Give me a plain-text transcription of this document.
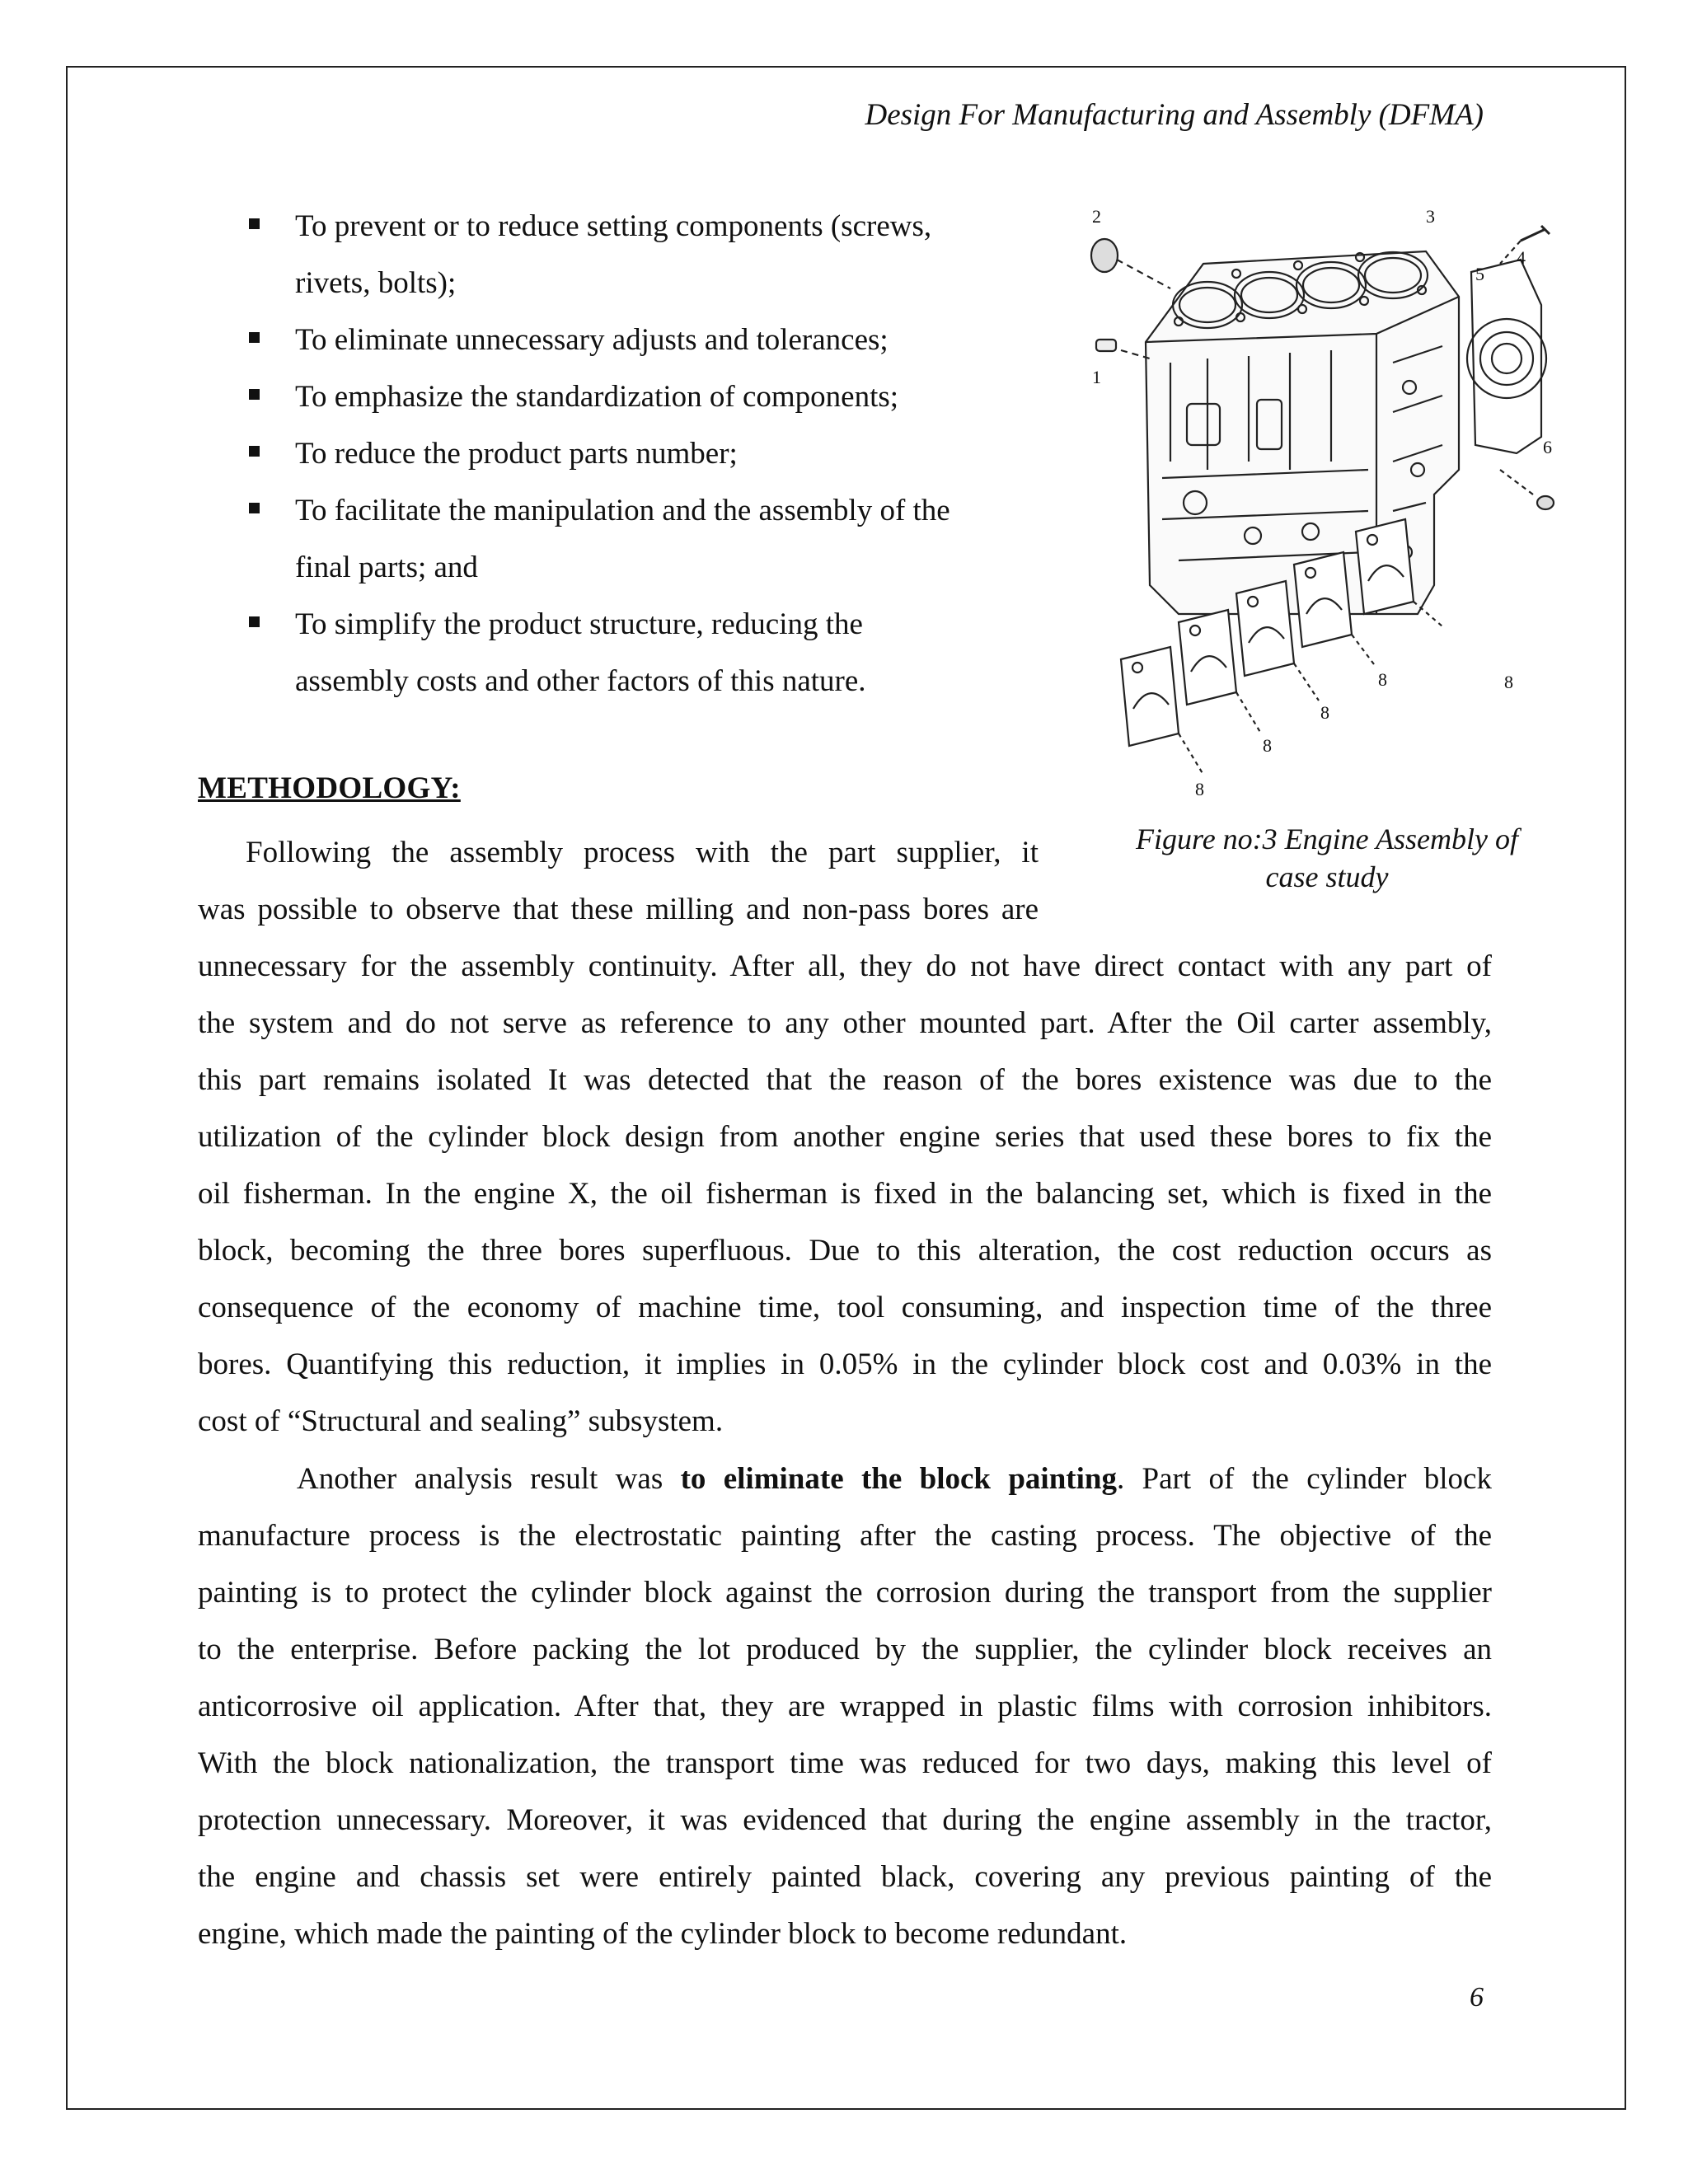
Design For Manufacturing and Assembly (DFMA)
To prevent or to reduce setting components (screws,
rivets, bolts);
To eliminate unnecessary adjusts and tolerances;
To emphasize the standardization of components;
To reduce the product parts number;
To facilitate the manipulation and the assembly of the
final parts; and
To simplify the product structure, reducing the
assembly costs and other factors of this nature.
1
2	3
4
5
6
8
8
8
8	8
Figure no:3 Engine Assembly of
case study
METHODOLOGY:

Following the assembly process with the part supplier, it

was possible to observe that these milling and non-pass bores are

unnecessary for the assembly continuity. After all, they do not have direct contact with any part of
the system and do not serve as reference to any other mounted part. After the Oil carter assembly,
this part remains isolated It was detected that the reason of the bores existence was due to the
utilization of the cylinder block design from another engine series that used these bores to fix the
oil fisherman. In the engine X, the oil fisherman is fixed in the balancing set, which is fixed in the
block, becoming the three bores superfluous. Due to this alteration, the cost reduction occurs as
consequence of the economy of machine time, tool consuming, and inspection time of the three
bores. Quantifying this reduction, it implies in 0.05% in the cylinder block cost and 0.03% in the
cost of “Structural and sealing” subsystem.
Another analysis result was to eliminate the block painting. Part of the cylinder block
manufacture process is the electrostatic painting after the casting process. The objective of the
painting is to protect the cylinder block against the corrosion during the transport from the supplier
to the enterprise. Before packing the lot produced by the supplier, the cylinder block receives an
anticorrosive oil application. After that, they are wrapped in plastic films with corrosion inhibitors.
With the block nationalization, the transport time was reduced for two days, making this level of
protection unnecessary. Moreover, it was evidenced that during the engine assembly in the tractor,
the engine and chassis set were entirely painted black, covering any previous painting of the
engine, which made the painting of the cylinder block to become redundant.
6
